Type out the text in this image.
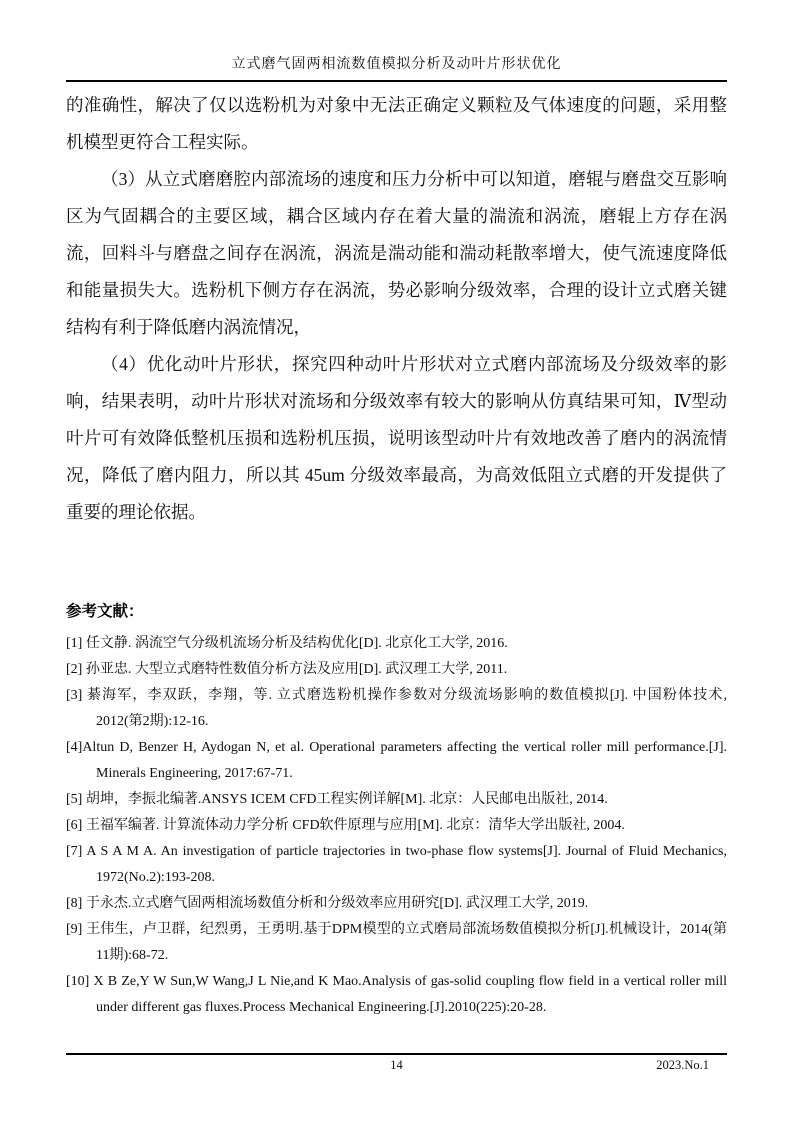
立式磨气固两相流数值模拟分析及动叶片形状优化

的准确性，解决了仅以选粉机为对象中无法正确定义颗粒及气体速度的问题，采用整机模型更符合工程实际。

（3）从立式磨磨腔内部流场的速度和压力分析中可以知道，磨辊与磨盘交互影响区为气固耦合的主要区域，耦合区域内存在着大量的湍流和涡流，磨辊上方存在涡流，回料斗与磨盘之间存在涡流，涡流是湍动能和湍动耗散率增大，使气流速度降低和能量损失大。选粉机下侧方存在涡流，势必影响分级效率，合理的设计立式磨关键结构有利于降低磨内涡流情况，

（4）优化动叶片形状，探究四种动叶片形状对立式磨内部流场及分级效率的影响，结果表明，动叶片形状对流场和分级效率有较大的影响从仿真结果可知，Ⅳ型动叶片可有效降低整机压损和选粉机压损，说明该型动叶片有效地改善了磨内的涡流情况，降低了磨内阻力，所以其 45um 分级效率最高，为高效低阻立式磨的开发提供了重要的理论依据。

参考文献：
[1] 任文静. 涡流空气分级机流场分析及结构优化[D]. 北京化工大学, 2016.
[2] 孙亚忠. 大型立式磨特性数值分析方法及应用[D]. 武汉理工大学, 2011.
[3] 綦海军，李双跃，李翔，等. 立式磨选粉机操作参数对分级流场影响的数值模拟[J]. 中国粉体技术, 2012(第2期):12-16.
[4]Altun D, Benzer H, Aydogan N, et al. Operational parameters affecting the vertical roller mill performance.[J]. Minerals Engineering, 2017:67-71.
[5] 胡坤，李振北编著.ANSYS ICEM CFD工程实例详解[M]. 北京：人民邮电出版社, 2014.
[6] 王福军编著. 计算流体动力学分析 CFD软件原理与应用[M]. 北京：清华大学出版社, 2004.
[7] A S A M A. An investigation of particle trajectories in two-phase flow systems[J]. Journal of Fluid Mechanics, 1972(No.2):193-208.
[8] 于永杰.立式磨气固两相流场数值分析和分级效率应用研究[D]. 武汉理工大学, 2019.
[9] 王伟生，卢卫群，纪烈勇，王勇明.基于DPM模型的立式磨局部流场数值模拟分析[J].机械设计，2014(第11期):68-72.
[10] X B Ze,Y W Sun,W Wang,J L Nie,and K Mao.Analysis of gas-solid coupling flow field in a vertical roller mill under different gas fluxes.Process Mechanical Engineering.[J].2010(225):20-28.
14	2023.No.1
